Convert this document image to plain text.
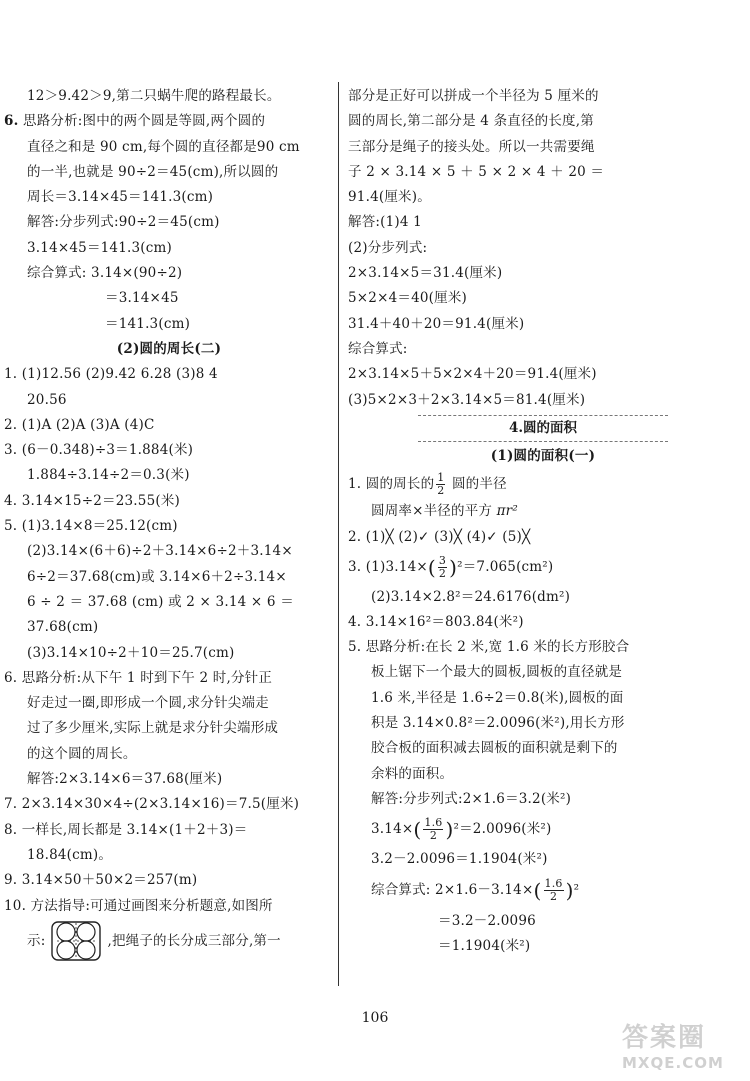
12＞9.42＞9,第二只蜗牛爬的路程最长。
6. 思路分析:图中的两个圆是等圆,两个圆的
直径之和是 90 cm,每个圆的直径都是90 cm
的一半,也就是 90÷2＝45(cm),所以圆的
周长＝3.14×45＝141.3(cm)
解答:分步列式:90÷2＝45(cm)
3.14×45＝141.3(cm)
综合算式: 3.14×(90÷2)
＝3.14×45
＝141.3(cm)
(2)圆的周长(二)
1. (1)12.56 (2)9.42 6.28 (3)8 4
20.56
2. (1)A (2)A (3)A (4)C
3. (6－0.348)÷3＝1.884(米)
1.884÷3.14÷2＝0.3(米)
4. 3.14×15÷2＝23.55(米)
5. (1)3.14×8＝25.12(cm)
(2)3.14×(6＋6)÷2＋3.14×6÷2＋3.14×
6÷2＝37.68(cm)或 3.14×6＋2÷3.14×
6 ÷ 2 ＝ 37.68 (cm) 或 2 × 3.14 × 6 ＝
37.68(cm)
(3)3.14×10÷2＋10＝25.7(cm)
6. 思路分析:从下午 1 时到下午 2 时,分针正
好走过一圈,即形成一个圆,求分针尖端走
过了多少厘米,实际上就是求分针尖端形成
的这个圆的周长。
解答:2×3.14×6＝37.68(厘米)
7. 2×3.14×30×4÷(2×3.14×16)＝7.5(厘米)
8. 一样长,周长都是 3.14×(1＋2＋3)＝
18.84(cm)。
9. 3.14×50＋50×2＝257(m)
10. 方法指导:可通过画图来分析题意,如图所
示:	,把绳子的长分成三部分,第一
部分是正好可以拼成一个半径为 5 厘米的
圆的周长,第二部分是 4 条直径的长度,第
三部分是绳子的接头处。所以一共需要绳
子 2 × 3.14 × 5 ＋ 5 × 2 × 4 ＋ 20 ＝
91.4(厘米)。
解答:(1)4 1
(2)分步列式:
2×3.14×5＝31.4(厘米)
5×2×4＝40(厘米)
31.4＋40＋20＝91.4(厘米)
综合算式:
2×3.14×5＋5×2×4＋20＝91.4(厘米)
(3)5×2×3＋2×3.14×5＝81.4(厘米)
4.圆的面积
(1)圆的面积(一)
1. 圆的周长的 $\frac{1}{2}$ 圆的半径
圆周率×半径的平方 πr²
2. (1)╳ (2)✓ (3)╳ (4)✓ (5)╳
3. $(1)3.14\times( \frac{3}{2} )^2=7.065(cm^2)$
(2)3.14×2.8²＝24.6176(dm²)
4. 3.14×16²＝803.84(米²)
5. 思路分析:在长 2 米,宽 1.6 米的长方形胶合
板上锯下一个最大的圆板,圆板的直径就是
1.6 米,半径是 1.6÷2＝0.8(米),圆板的面
积是 3.14×0.8²＝2.0096(米²),用长方形
胶合板的面积减去圆板的面积就是剩下的
余料的面积。
解答:分步列式:2×1.6＝3.2(米²)
$3.14\times( \frac{1.6}{2} )^2=2.0096$(米²)
3.2－2.0096＝1.1904(米²)
综合算式: $2\times 1.6-3.14\times( \frac{1.6}{2} )^2$
＝3.2－2.0096
＝1.1904(米²)
106
答案圈
MXQE.COM
